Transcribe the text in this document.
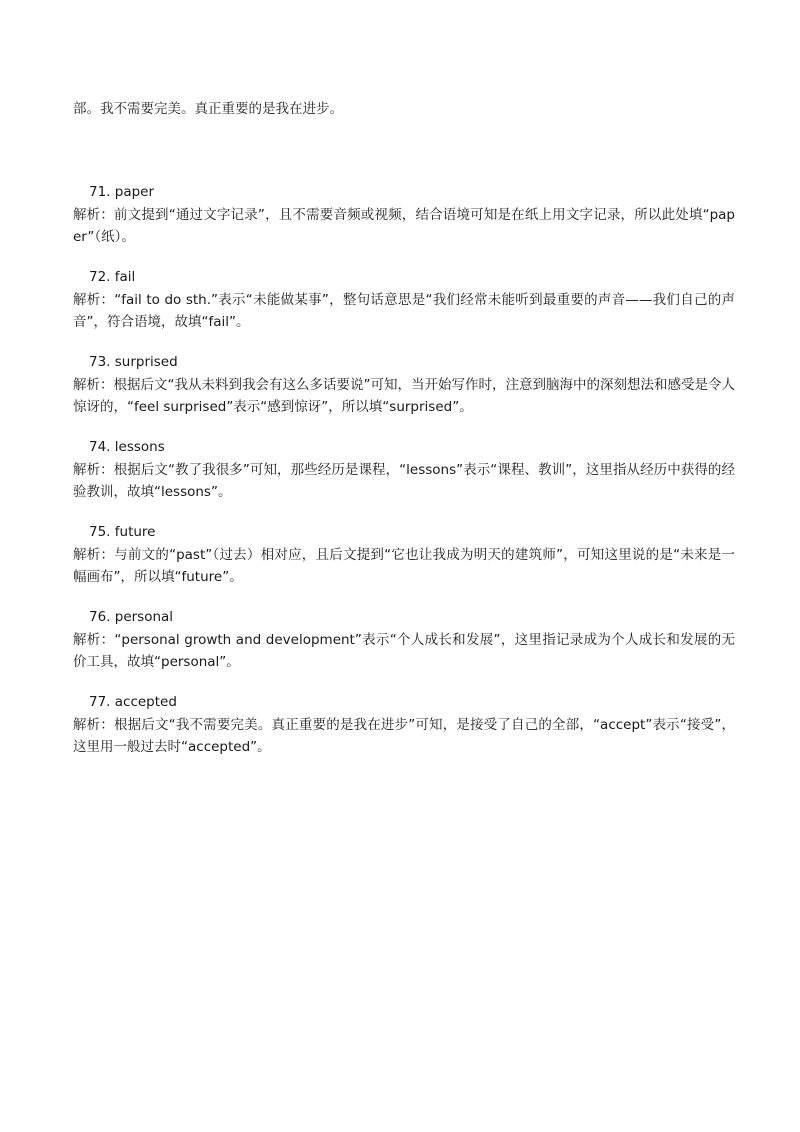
部。我不需要完美。真正重要的是我在进步。

71. paper

解析：前文提到“通过文字记录”，且不需要音频或视频，结合语境可知是在纸上用文字记录，所以此处填“paper”（纸）。

72. fail

解析：“fail to do sth.”表示“未能做某事”，整句话意思是“我们经常未能听到最重要的声音——我们自己的声音”，符合语境，故填“fail”。

73. surprised

解析：根据后文“我从未料到我会有这么多话要说”可知，当开始写作时，注意到脑海中的深刻想法和感受是令人惊讶的，“feel surprised”表示“感到惊讶”，所以填“surprised”。

74. lessons

解析：根据后文“教了我很多”可知，那些经历是课程，“lessons”表示“课程、教训”，这里指从经历中获得的经验教训，故填“lessons”。

75. future

解析：与前文的“past”（过去）相对应，且后文提到“它也让我成为明天的建筑师”，可知这里说的是“未来是一幅画布”，所以填“future”。

76. personal

解析：“personal growth and development”表示“个人成长和发展”，这里指记录成为个人成长和发展的无价工具，故填“personal”。

77. accepted

解析：根据后文“我不需要完美。真正重要的是我在进步”可知，是接受了自己的全部，“accept”表示“接受”，这里用一般过去时“accepted”。
